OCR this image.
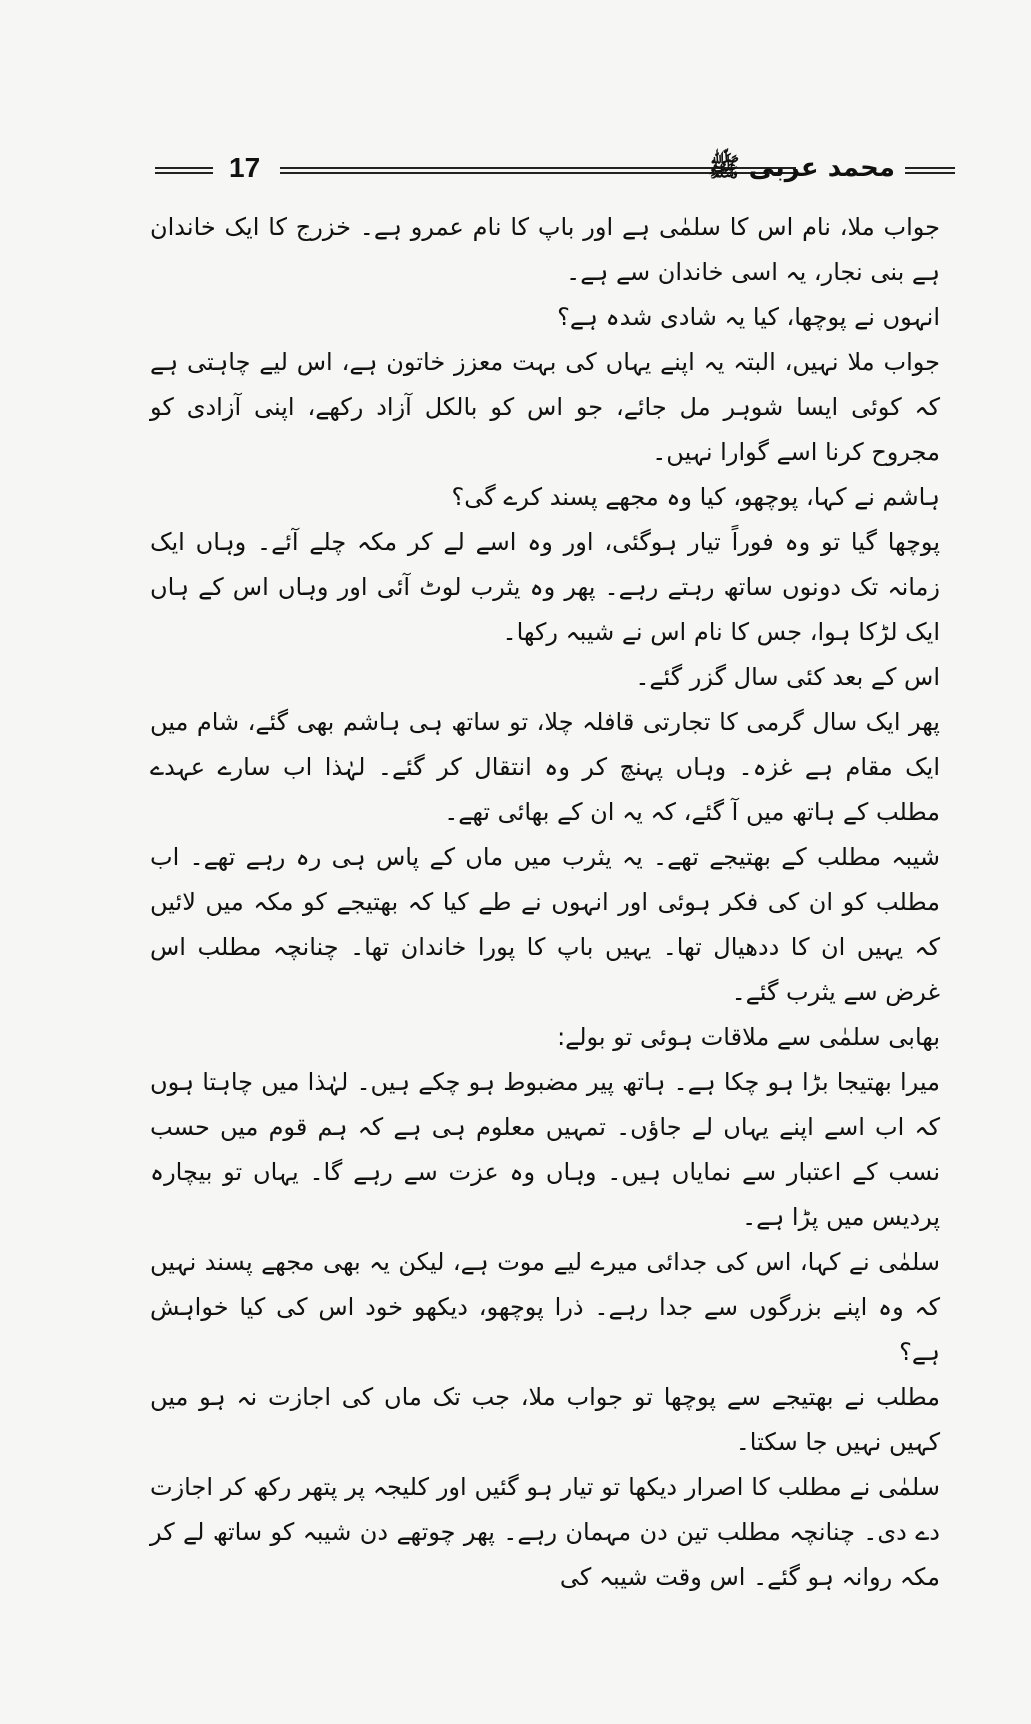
17	محمد عربی ﷺ

جواب ملا، نام اس کا سلمٰی ہے اور باپ کا نام عمرو ہے۔ خزرج کا ایک خاندان ہے بنی نجار، یہ اسی خاندان سے ہے۔

انہوں نے پوچھا، کیا یہ شادی شدہ ہے؟

جواب ملا نہیں، البتہ یہ اپنے یہاں کی بہت معزز خاتون ہے، اس لیے چاہتی ہے کہ کوئی ایسا شوہر مل جائے، جو اس کو بالکل آزاد رکھے، اپنی آزادی کو مجروح کرنا اسے گوارا نہیں۔

ہاشم نے کہا، پوچھو، کیا وہ مجھے پسند کرے گی؟

پوچھا گیا تو وہ فوراً تیار ہوگئی، اور وہ اسے لے کر مکہ چلے آئے۔ وہاں ایک زمانہ تک دونوں ساتھ رہتے رہے۔ پھر وہ یثرب لوٹ آئی اور وہاں اس کے ہاں ایک لڑکا ہوا، جس کا نام اس نے شیبہ رکھا۔

اس کے بعد کئی سال گزر گئے۔

پھر ایک سال گرمی کا تجارتی قافلہ چلا، تو ساتھ ہی ہاشم بھی گئے، شام میں ایک مقام ہے غزہ۔ وہاں پہنچ کر وہ انتقال کر گئے۔ لہٰذا اب سارے عہدے مطلب کے ہاتھ میں آ گئے، کہ یہ ان کے بھائی تھے۔

شیبہ مطلب کے بھتیجے تھے۔ یہ یثرب میں ماں کے پاس ہی رہ رہے تھے۔ اب مطلب کو ان کی فکر ہوئی اور انہوں نے طے کیا کہ بھتیجے کو مکہ میں لائیں کہ یہیں ان کا ددھیال تھا۔ یہیں باپ کا پورا خاندان تھا۔ چنانچہ مطلب اس غرض سے یثرب گئے۔

بھابی سلمٰی سے ملاقات ہوئی تو بولے:

میرا بھتیجا بڑا ہو چکا ہے۔ ہاتھ پیر مضبوط ہو چکے ہیں۔ لہٰذا میں چاہتا ہوں کہ اب اسے اپنے یہاں لے جاؤں۔ تمہیں معلوم ہی ہے کہ ہم قوم میں حسب نسب کے اعتبار سے نمایاں ہیں۔ وہاں وہ عزت سے رہے گا۔ یہاں تو بیچارہ پردیس میں پڑا ہے۔

سلمٰی نے کہا، اس کی جدائی میرے لیے موت ہے، لیکن یہ بھی مجھے پسند نہیں کہ وہ اپنے بزرگوں سے جدا رہے۔ ذرا پوچھو، دیکھو خود اس کی کیا خواہش ہے؟

مطلب نے بھتیجے سے پوچھا تو جواب ملا، جب تک ماں کی اجازت نہ ہو میں کہیں نہیں جا سکتا۔

سلمٰی نے مطلب کا اصرار دیکھا تو تیار ہو گئیں اور کلیجہ پر پتھر رکھ کر اجازت دے دی۔ چنانچہ مطلب تین دن مہمان رہے۔ پھر چوتھے دن شیبہ کو ساتھ لے کر مکہ روانہ ہو گئے۔ اس وقت شیبہ کی
